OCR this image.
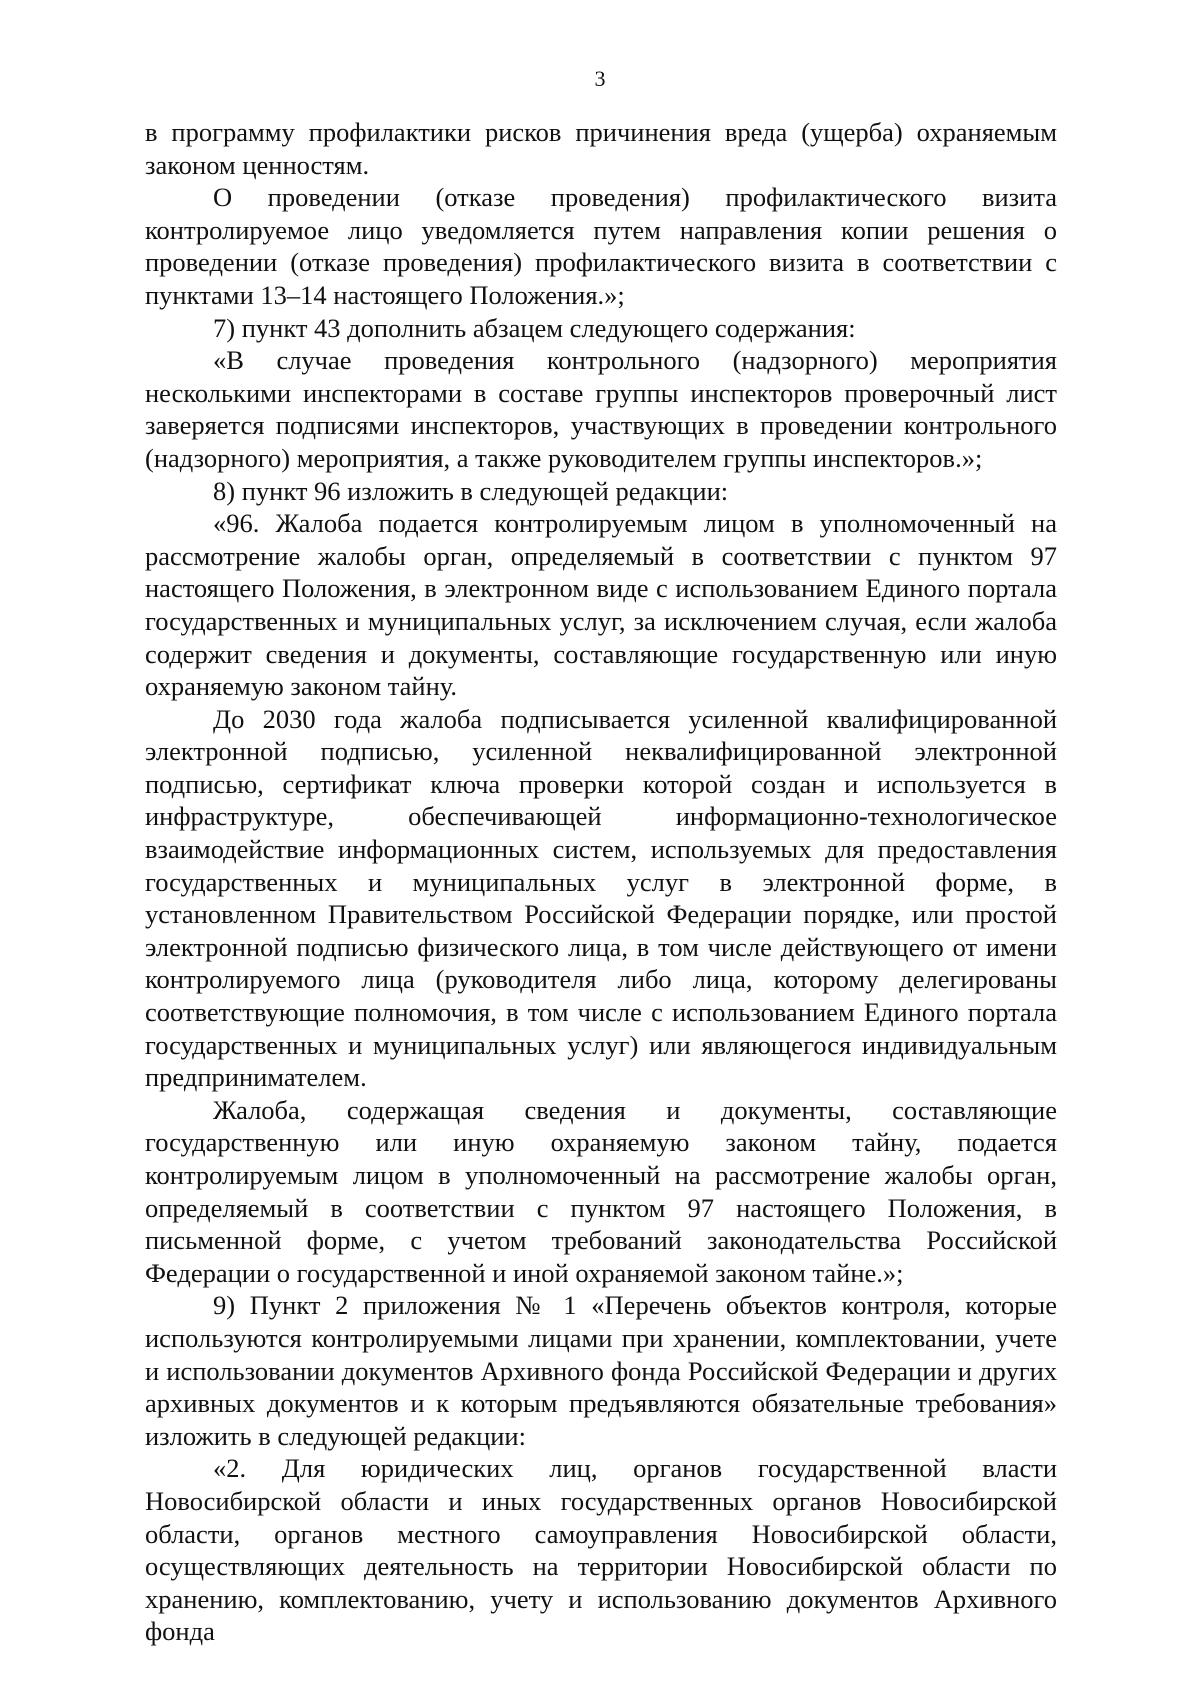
3

в программу профилактики рисков причинения вреда (ущерба) охраняемым законом ценностям.

О проведении (отказе проведения) профилактического визита контролируемое лицо уведомляется путем направления копии решения о проведении (отказе проведения) профилактического визита в соответствии с пунктами 13–14 настоящего Положения.»;

7) пункт 43 дополнить абзацем следующего содержания:

«В случае проведения контрольного (надзорного) мероприятия несколькими инспекторами в составе группы инспекторов проверочный лист заверяется подписями инспекторов, участвующих в проведении контрольного (надзорного) мероприятия, а также руководителем группы инспекторов.»;

8) пункт 96 изложить в следующей редакции:

«96. Жалоба подается контролируемым лицом в уполномоченный на рассмотрение жалобы орган, определяемый в соответствии с пунктом 97 настоящего Положения, в электронном виде с использованием Единого портала государственных и муниципальных услуг, за исключением случая, если жалоба содержит сведения и документы, составляющие государственную или иную охраняемую законом тайну.

До 2030 года жалоба подписывается усиленной квалифицированной электронной подписью, усиленной неквалифицированной электронной подписью, сертификат ключа проверки которой создан и используется в инфраструктуре, обеспечивающей информационно-технологическое взаимодействие информационных систем, используемых для предоставления государственных и муниципальных услуг в электронной форме, в установленном Правительством Российской Федерации порядке, или простой электронной подписью физического лица, в том числе действующего от имени контролируемого лица (руководителя либо лица, которому делегированы соответствующие полномочия, в том числе с использованием Единого портала государственных и муниципальных услуг) или являющегося индивидуальным предпринимателем.

Жалоба, содержащая сведения и документы, составляющие государственную или иную охраняемую законом тайну, подается контролируемым лицом в уполномоченный на рассмотрение жалобы орган, определяемый в соответствии с пунктом 97 настоящего Положения, в письменной форме, с учетом требований законодательства Российской Федерации о государственной и иной охраняемой законом тайне.»;

9) Пункт 2 приложения № 1 «Перечень объектов контроля, которые используются контролируемыми лицами при хранении, комплектовании, учете и использовании документов Архивного фонда Российской Федерации и других архивных документов и к которым предъявляются обязательные требования» изложить в следующей редакции:

«2. Для юридических лиц, органов государственной власти Новосибирской области и иных государственных органов Новосибирской области, органов местного самоуправления Новосибирской области, осуществляющих деятельность на территории Новосибирской области по хранению, комплектованию, учету и использованию документов Архивного фонда
